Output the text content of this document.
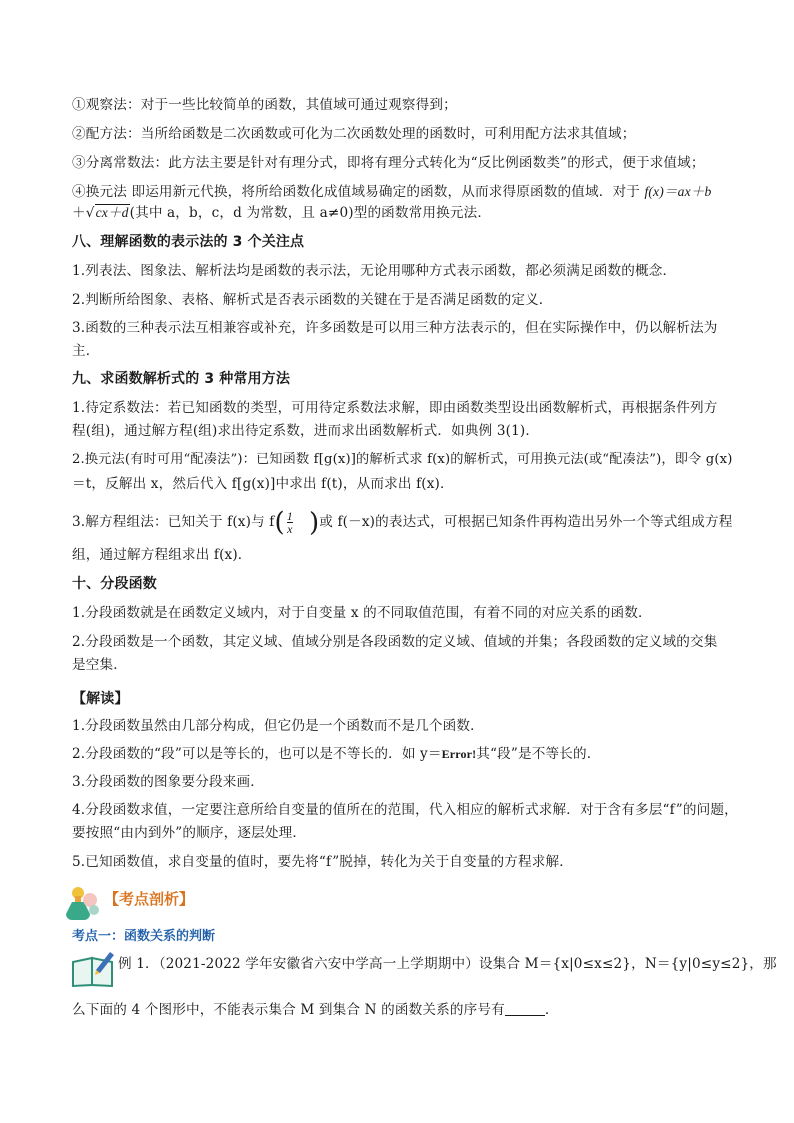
①观察法：对于一些比较简单的函数，其值域可通过观察得到；
②配方法：当所给函数是二次函数或可化为二次函数处理的函数时，可利用配方法求其值域；
③分离常数法：此方法主要是针对有理分式，即将有理分式转化为“反比例函数类”的形式，便于求值域；
④换元法 即运用新元代换，将所给函数化成值域易确定的函数，从而求得原函数的值域．对于 f(x)＝ax＋b
＋√cx＋d(其中 a，b，c，d 为常数，且 a≠0)型的函数常用换元法．
八、理解函数的表示法的 3 个关注点
1.列表法、图象法、解析法均是函数的表示法，无论用哪种方式表示函数，都必须满足函数的概念．
2.判断所给图象、表格、解析式是否表示函数的关键在于是否满足函数的定义．
3.函数的三种表示法互相兼容或补充，许多函数是可以用三种方法表示的，但在实际操作中，仍以解析法为
主．
九、求函数解析式的 3 种常用方法
1.待定系数法：若已知函数的类型，可用待定系数法求解，即由函数类型设出函数解析式，再根据条件列方
程(组)，通过解方程(组)求出待定系数，进而求出函数解析式．如典例 3(1)．
2.换元法(有时可用“配凑法”)：已知函数 f[g(x)]的解析式求 f(x)的解析式，可用换元法(或“配凑法”)，即令 g(x)
＝t，反解出 x，然后代入 f[g(x)]中求出 f(t)，从而求出 f(x)．
3.解方程组法：已知关于 f(x)与 $f( \frac{1}{x}$ )或 f(－x)的表达式，可根据已知条件再构造出另外一个等式组成方程
组，通过解方程组求出 f(x)．
十、分段函数
1.分段函数就是在函数定义域内，对于自变量 x 的不同取值范围，有着不同的对应关系的函数．
2.分段函数是一个函数，其定义域、值域分别是各段函数的定义域、值域的并集；各段函数的定义域的交集
是空集．
【解读】
1.分段函数虽然由几部分构成，但它仍是一个函数而不是几个函数．
2.分段函数的“段”可以是等长的，也可以是不等长的．如 y＝Error!其“段”是不等长的．
3.分段函数的图象要分段来画．
4.分段函数求值，一定要注意所给自变量的值所在的范围，代入相应的解析式求解．对于含有多层“f”的问题，
要按照“由内到外”的顺序，逐层处理．
5.已知函数值，求自变量的值时，要先将“f”脱掉，转化为关于自变量的方程求解．
【考点剖析】
考点一：函数关系的判断
例 1．（2021-2022 学年安徽省六安中学高一上学期期中）设集合 M＝{x|0≤x≤2}，N＝{y|0≤y≤2}，那
么下面的 4 个图形中，不能表示集合 M 到集合 N 的函数关系的序号有	．
